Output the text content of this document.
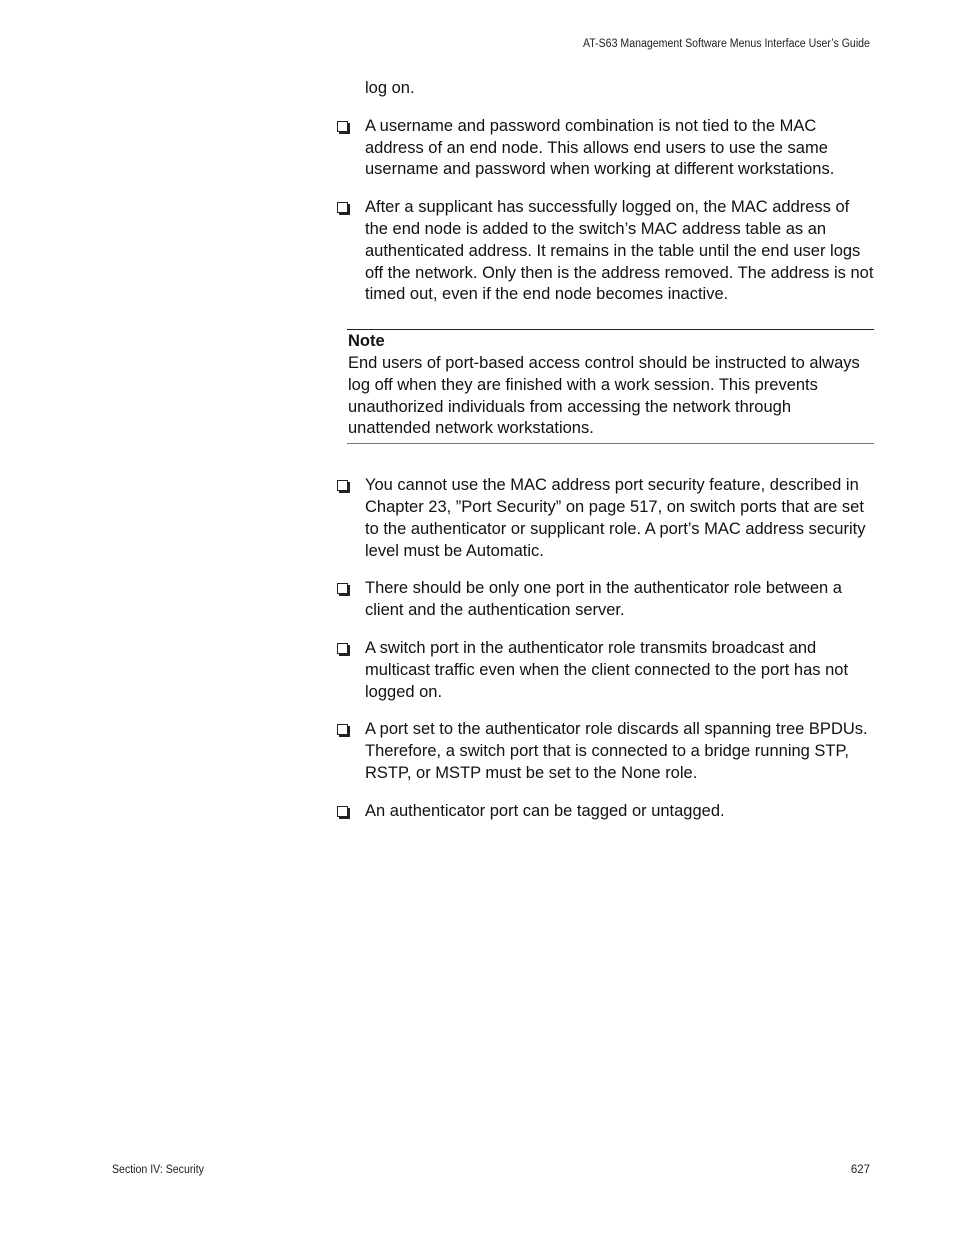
AT-S63 Management Software Menus Interface User’s Guide

log on.

A username and password combination is not tied to the MAC address of an end node. This allows end users to use the same username and password when working at different workstations.
After a supplicant has successfully logged on, the MAC address of the end node is added to the switch’s MAC address table as an authenticated address. It remains in the table until the end user logs off the network. Only then is the address removed. The address is not timed out, even if the end node becomes inactive.
Note
End users of port-based access control should be instructed to always log off when they are finished with a work session. This prevents unauthorized individuals from accessing the network through unattended network workstations.
You cannot use the MAC address port security feature, described in Chapter 23, ”Port Security” on page 517, on switch ports that are set to the authenticator or supplicant role. A port’s MAC address security level must be Automatic.
There should be only one port in the authenticator role between a client and the authentication server.
A switch port in the authenticator role transmits broadcast and multicast traffic even when the client connected to the port has not logged on.
A port set to the authenticator role discards all spanning tree BPDUs. Therefore, a switch port that is connected to a bridge running STP, RSTP, or MSTP must be set to the None role.
An authenticator port can be tagged or untagged.
Section IV: Security	627
